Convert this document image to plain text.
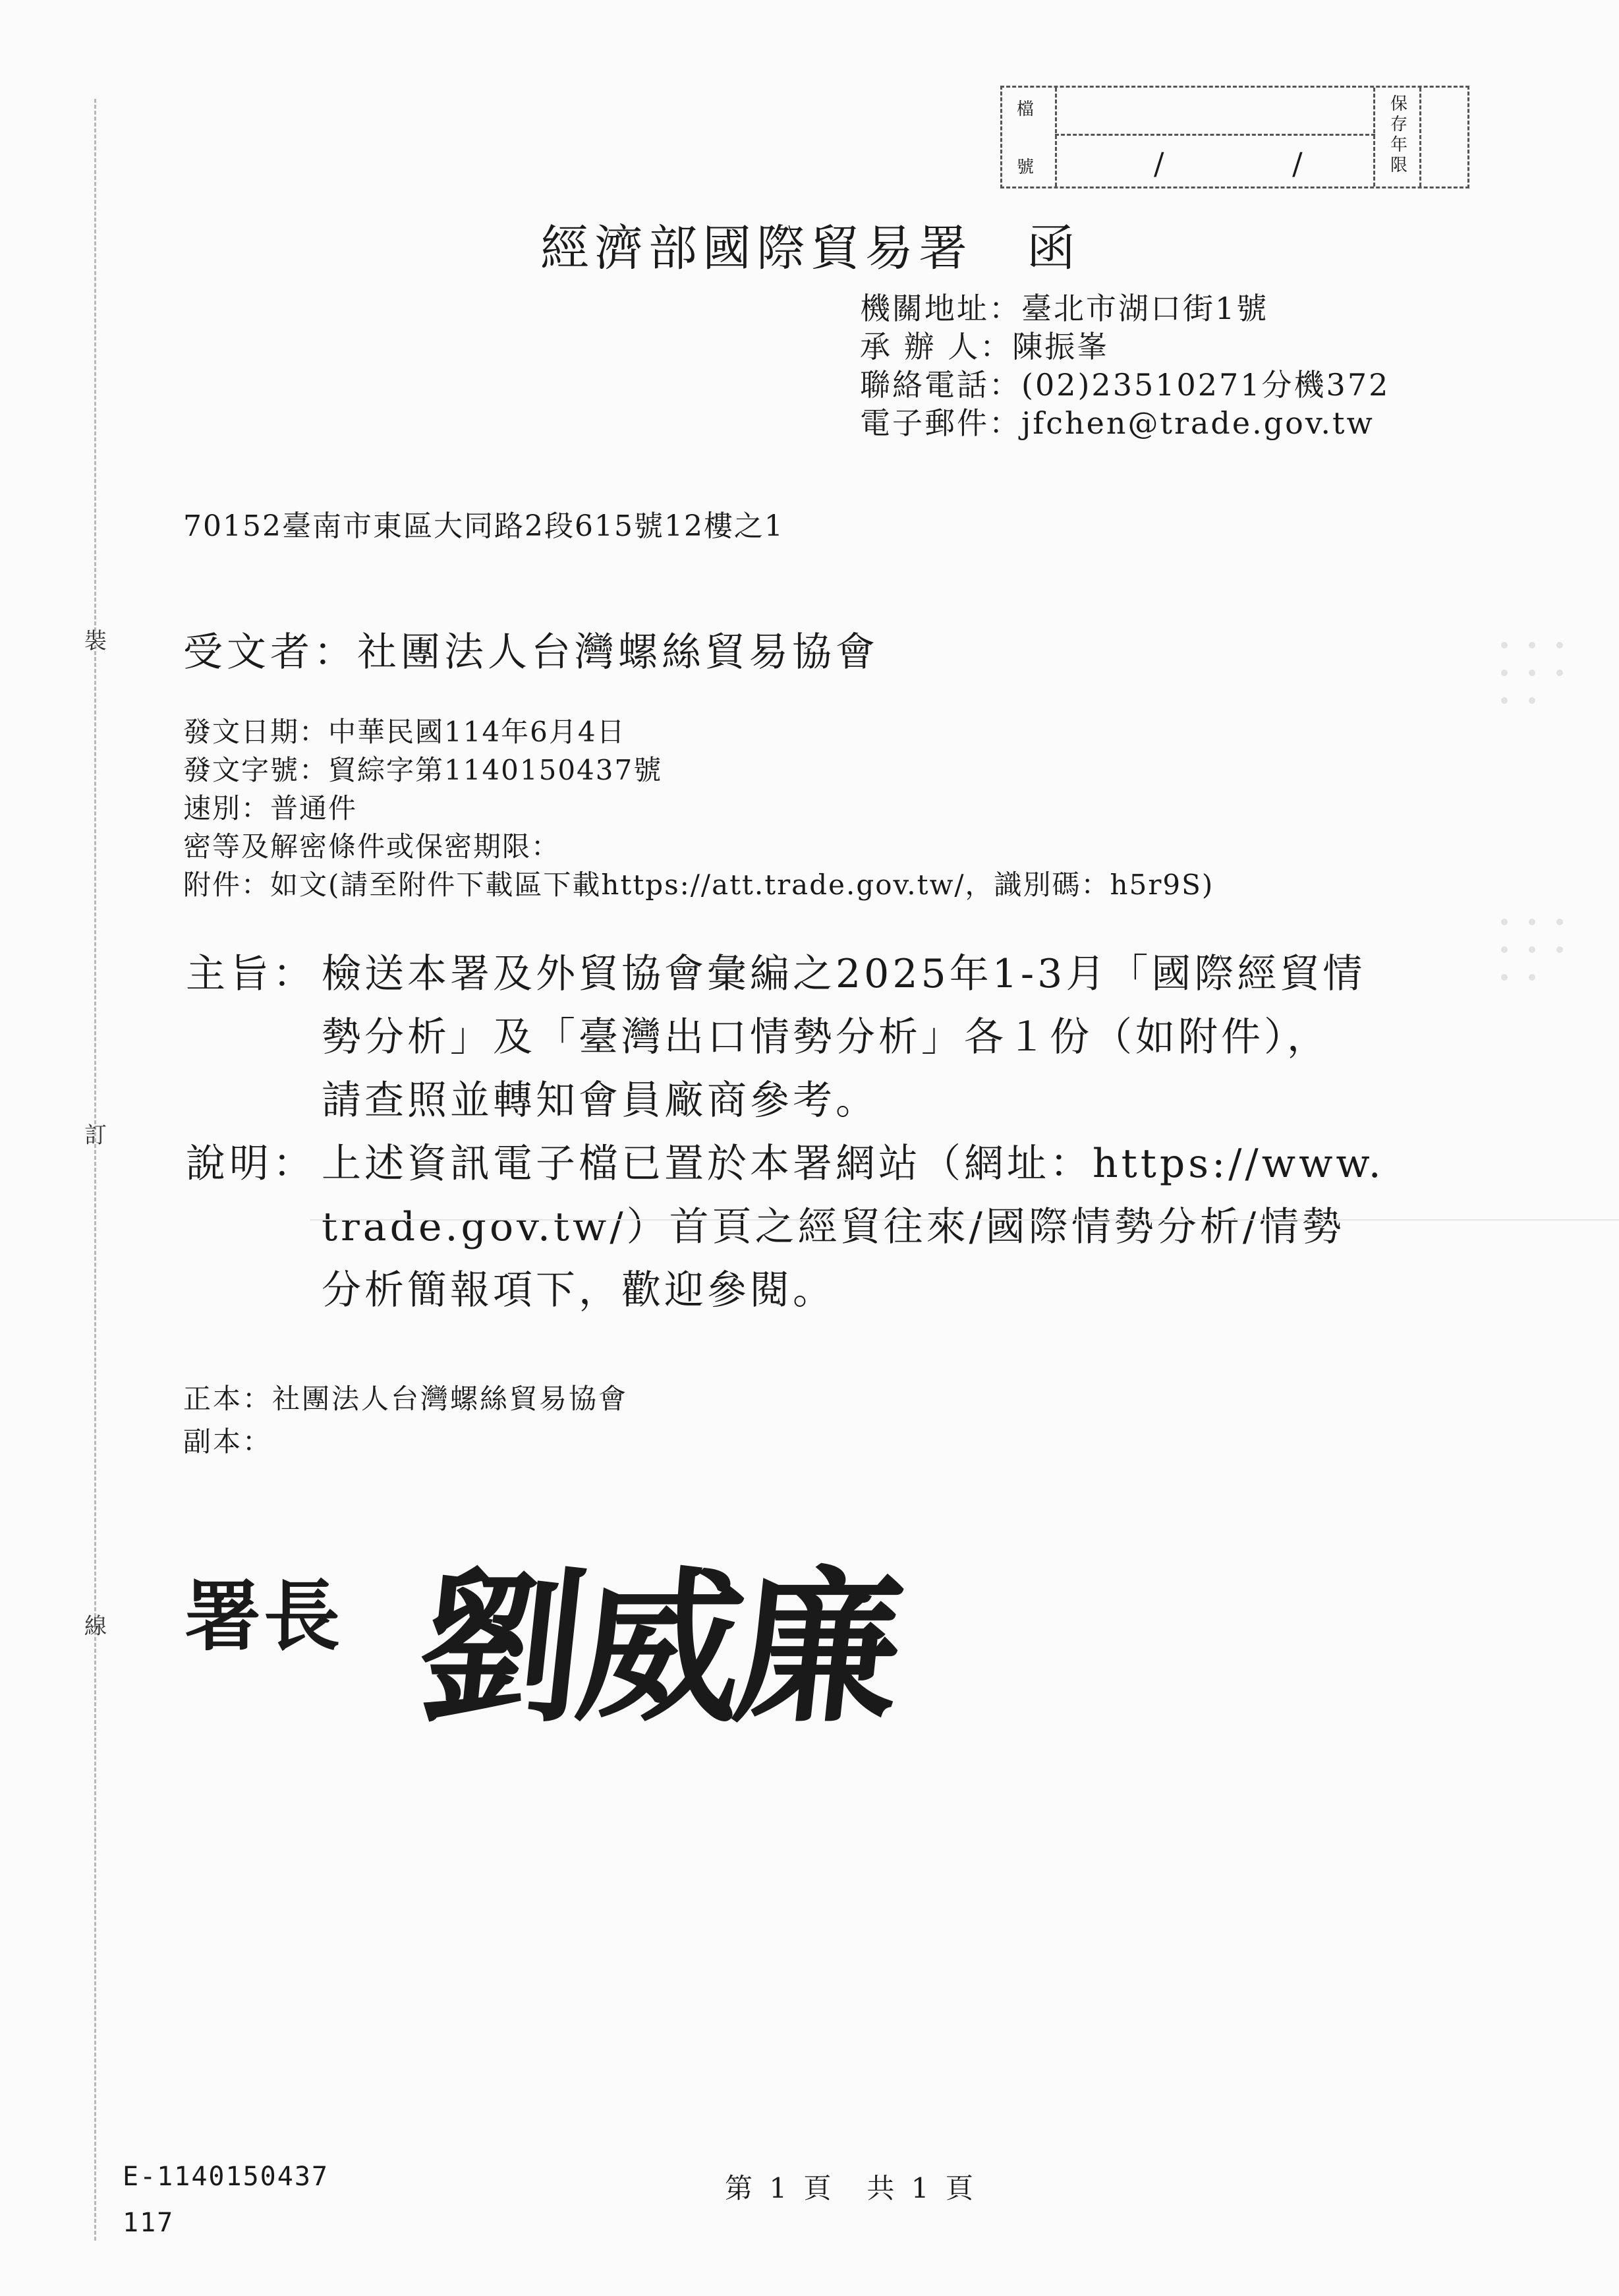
裝
訂
線
檔
號	/ /
保存年限
經濟部國際貿易署　函
機關地址：臺北市湖口街1號
承 辦 人：陳振峯
聯絡電話：(02)23510271分機372
電子郵件：jfchen@trade.gov.tw
70152臺南市東區大同路2段615號12樓之1
受文者：社團法人台灣螺絲貿易協會
發文日期：中華民國114年6月4日
發文字號：貿綜字第1140150437號
速別：普通件
密等及解密條件或保密期限：
附件：如文(請至附件下載區下載https://att.trade.gov.tw/，識別碼：h5r9S)
主旨： 檢送本署及外貿協會彙編之2025年1-3月「國際經貿情
勢分析」及「臺灣出口情勢分析」各１份（如附件），
請查照並轉知會員廠商參考。
說明： 上述資訊電子檔已置於本署網站（網址：https://www.
trade.gov.tw/）首頁之經貿往來/國際情勢分析/情勢
分析簡報項下，歡迎參閱。
正本：社團法人台灣螺絲貿易協會
副本：
署長 劉威廉
E-1140150437
117
第 1 頁　共 1 頁
